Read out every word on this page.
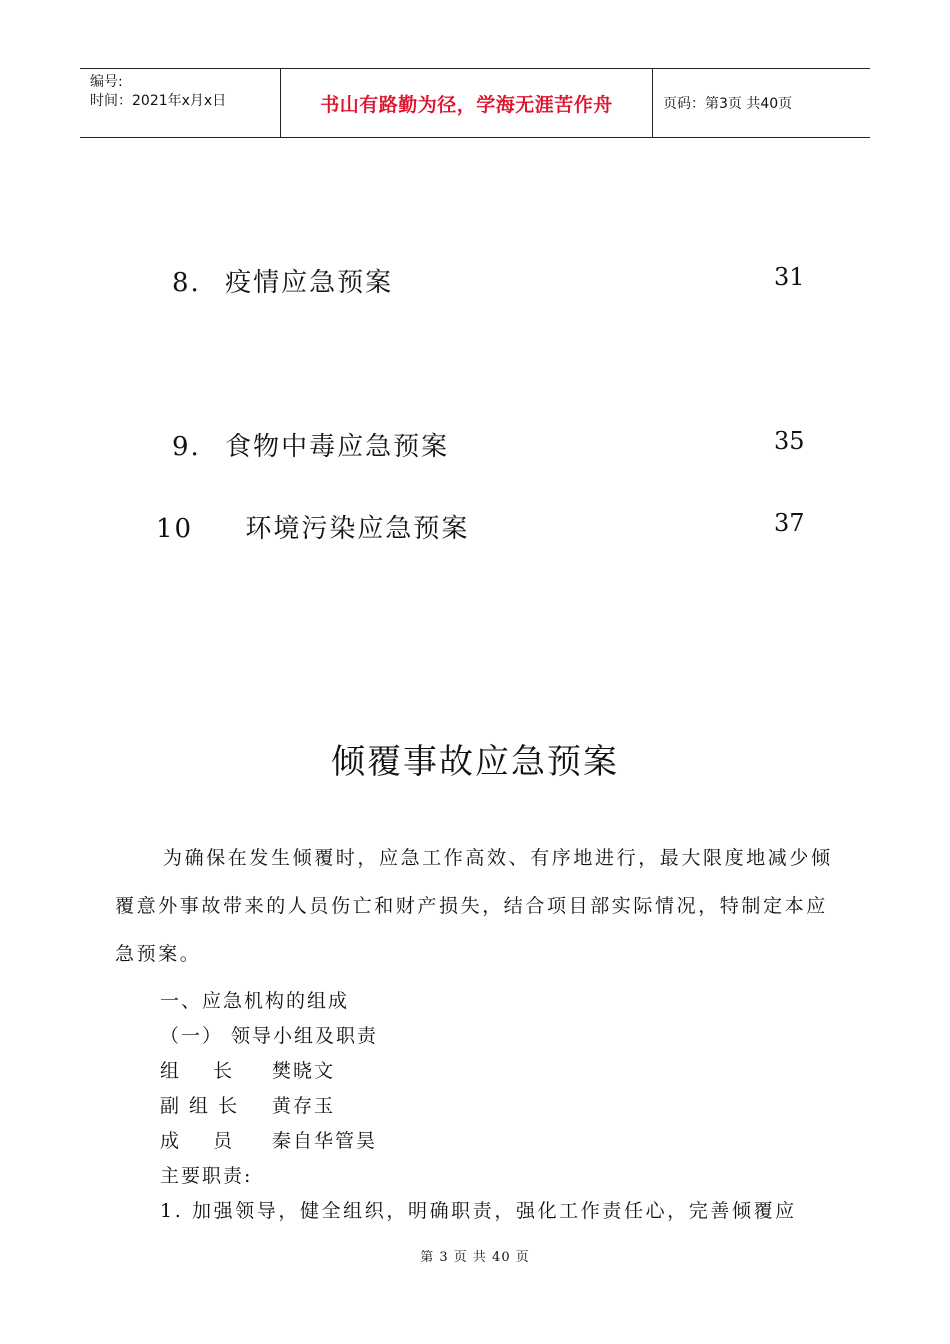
编号:
时间：2021年x月x日	书山有路勤为径，学海无涯苦作舟	页码：第3页 共40页
8. 疫情应急预案	31
9. 食物中毒应急预案	35
10 环境污染应急预案	37
倾覆事故应急预案
为确保在发生倾覆时，应急工作高效、有序地进行，最大限度地减少倾覆意外事故带来的人员伤亡和财产损失，结合项目部实际情况，特制定本应急预案。
一、应急机构的组成
（一） 领导小组及职责
组    长 樊晓文
副 组 长 黄存玉
成    员 秦自华管昊
主要职责:
1. 加强领导，健全组织，明确职责，强化工作责任心，完善倾覆应
第 3 页 共 40 页
